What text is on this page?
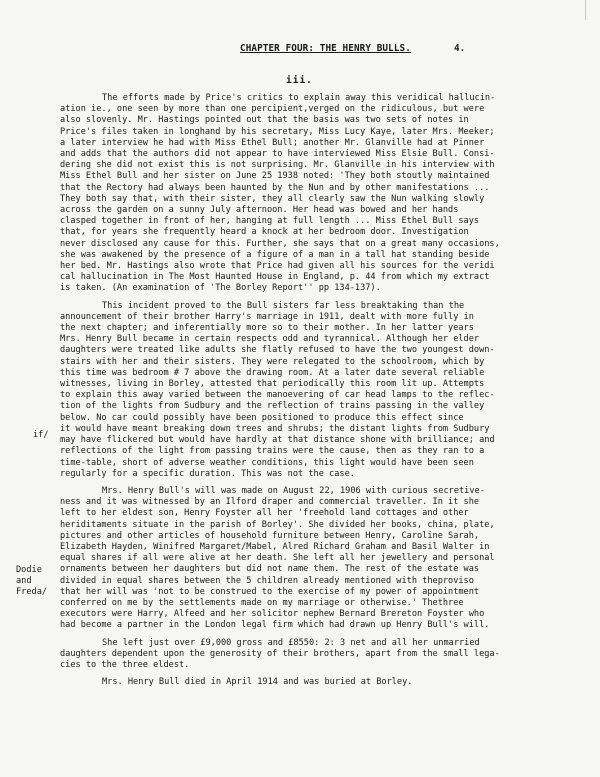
CHAPTER FOUR: THE HENRY BULLS.	4.
iii.
if/
Dodie
and
Freda/
The efforts made by Price's critics to explain away this veridical hallucin-
ation ie., one seen by more than one percipient,verged on the ridiculous, but were
also slovenly. Mr. Hastings pointed out that the basis was two sets of notes in
Price's files taken in longhand by his secretary, Miss Lucy Kaye, later Mrs. Meeker;
a later interview he had with Miss Ethel Bull; another Mr. Glanville had at Pinner
and adds that the authors did not appear to have interviewed Miss Elsie Bull. Consi-
dering she did not exist this is not surprising. Mr. Glanville in his interview with
Miss Ethel Bull and her sister on June 25 1938 noted: 'They both stoutly maintained
that the Rectory had always been haunted by the Nun and by other manifestations ...
They both say that, with their sister, they all clearly saw the Nun walking slowly
across the garden on a sunny July afternoon. Her head was bowed and her hands
clasped together in front of her, hanging at full length ... Miss Ethel Bull says
that, for years she frequently heard a knock at her bedroom door. Investigation
never disclosed any cause for this. Further, she says that on a great many occasions,
she was awakened by the presence of a figure of a man in a tall hat standing beside
her bed. Mr. Hastings also wrote that Price had given all his sources for the veridi
cal hallucination in The Most Haunted House in England, p. 44 from which my extract
is taken. (An examination of 'The Borley Report'' pp 134-137).
This incident proved to the Bull sisters far less breaktaking than the
announcement of their brother Harry's marriage in 1911, dealt with more fully in
the next chapter; and inferentially more so to their mother. In her latter years
Mrs. Henry Bull became in certain respects odd and tyrannical. Although her elder
daughters were treated like adults she flatly refused to have the two youngest down-
stairs with her and their sisters. They were relegated to the schoolroom, which by
this time was bedroom # 7 above the drawing room. At a later date several reliable
witnesses, living in Borley, attested that periodically this room lit up. Attempts
to explain this away varied between the manoevering of car head lamps to the reflec-
tion of the lights from Sudbury and the reflection of trains passing in the valley
below. No car could possibly have been positioned to produce this effect since
it would have meant breaking down trees and shrubs; the distant lights from Sudbury
may have flickered but would have hardly at that distance shone with brilliance; and
reflections of the light from passing trains were the cause, then as they ran to a
time-table, short of adverse weather conditions, this light would have been seen
regularly for a specific duration. This was not the case.
Mrs. Henry Bull's will was made on August 22, 1906 with curious secretive-
ness and it was witnessed by an Ilford draper and commercial traveller. In it she
left to her eldest son, Henry Foyster all her 'freehold land cottages and other
heriditaments situate in the parish of Borley'. She divided her books, china, plate,
pictures and other articles of household furniture between Henry, Caroline Sarah,
Elizabeth Hayden, Winifred Margaret/Mabel, Alred Richard Graham and Basil Walter in
equal shares if all were alive at her death. She left all her jewellery and personal
ornaments between her daughters but did not name them. The rest of the estate was
divided in equal shares between the 5 children already mentioned with theproviso
that her will was 'not to be construed to the exercise of my power of appointment
conferred on me by the settlements made on my marriage or otherwise.' Thethree
executors were Harry, Alfeed and her solicitor nephew Bernard Brereton Foyster who
had become a partner in the London legal firm which had drawn up Henry Bull's will.
She left just over £9,000 gross and £8550: 2: 3 net and all her unmarried
daughters dependent upon the generosity of their brothers, apart from the small lega-
cies to the three eldest.
Mrs. Henry Bull died in April 1914 and was buried at Borley.
